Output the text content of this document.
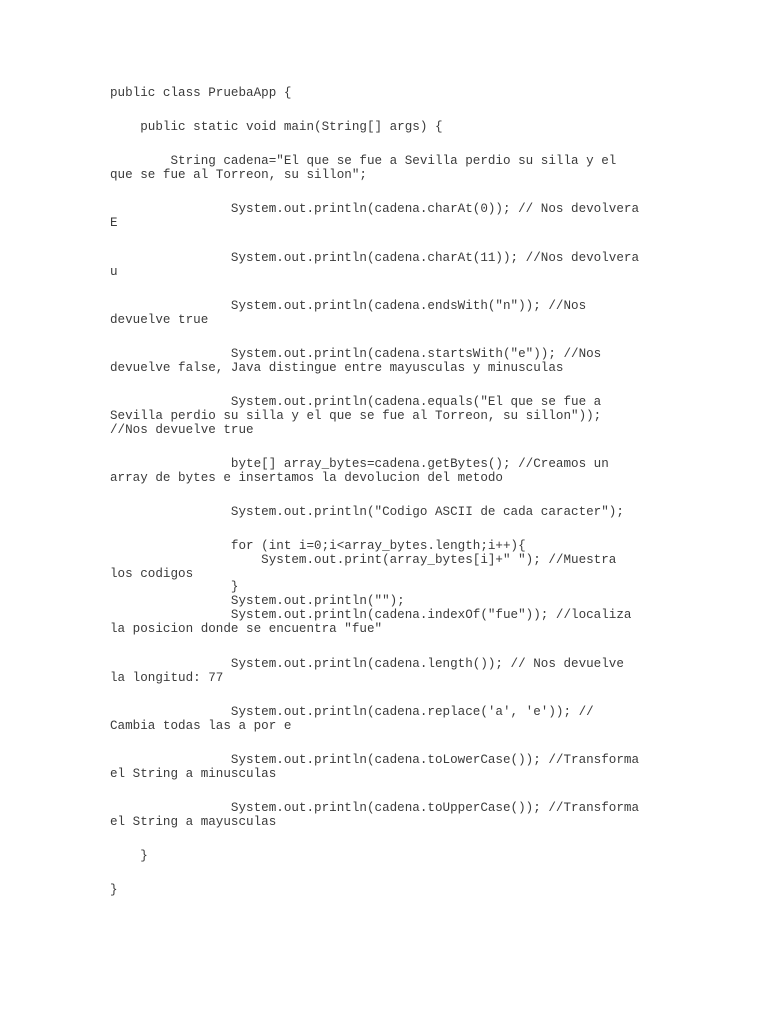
public class PruebaApp {
public static void main(String[] args) {
String cadena="El que se fue a Sevilla perdio su silla y el
que se fue al Torreon, su sillon";
System.out.println(cadena.charAt(0)); // Nos devolvera
E
System.out.println(cadena.charAt(11)); //Nos devolvera
u
System.out.println(cadena.endsWith("n")); //Nos
devuelve true
System.out.println(cadena.startsWith("e")); //Nos
devuelve false, Java distingue entre mayusculas y minusculas
System.out.println(cadena.equals("El que se fue a
Sevilla perdio su silla y el que se fue al Torreon, su sillon"));
//Nos devuelve true
byte[] array_bytes=cadena.getBytes(); //Creamos un
array de bytes e insertamos la devolucion del metodo
System.out.println("Codigo ASCII de cada caracter");
for (int i=0;i<array_bytes.length;i++){
System.out.print(array_bytes[i]+" "); //Muestra
los codigos
}
System.out.println("");
System.out.println(cadena.indexOf("fue")); //localiza
la posicion donde se encuentra "fue"
System.out.println(cadena.length()); // Nos devuelve
la longitud: 77
System.out.println(cadena.replace('a', 'e')); //
Cambia todas las a por e
System.out.println(cadena.toLowerCase()); //Transforma
el String a minusculas
System.out.println(cadena.toUpperCase()); //Transforma
el String a mayusculas
}
}
